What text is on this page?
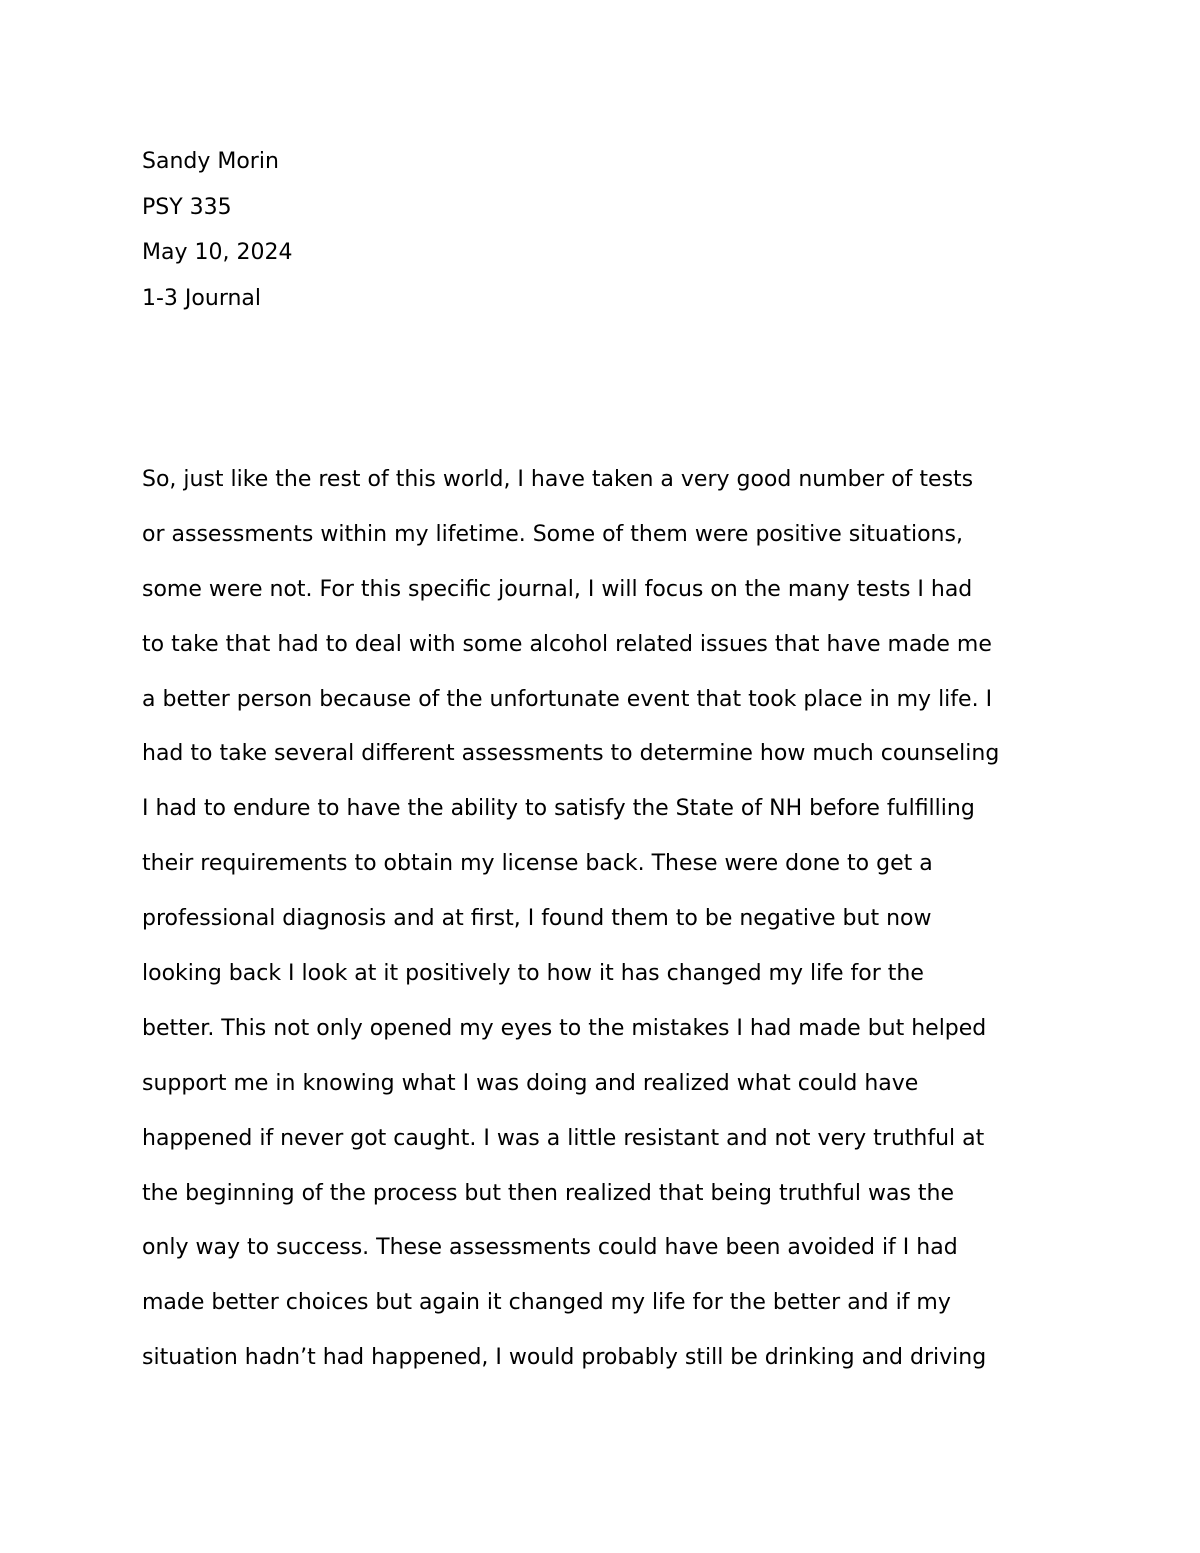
Sandy Morin
PSY 335
May 10, 2024
1-3 Journal
So, just like the rest of this world, I have taken a very good number of tests
or assessments within my lifetime. Some of them were positive situations,
some were not. For this specific journal, I will focus on the many tests I had
to take that had to deal with some alcohol related issues that have made me
a better person because of the unfortunate event that took place in my life. I
had to take several different assessments to determine how much counseling
I had to endure to have the ability to satisfy the State of NH before fulfilling
their requirements to obtain my license back. These were done to get a
professional diagnosis and at first, I found them to be negative but now
looking back I look at it positively to how it has changed my life for the
better. This not only opened my eyes to the mistakes I had made but helped
support me in knowing what I was doing and realized what could have
happened if never got caught. I was a little resistant and not very truthful at
the beginning of the process but then realized that being truthful was the
only way to success. These assessments could have been avoided if I had
made better choices but again it changed my life for the better and if my
situation hadn’t had happened, I would probably still be drinking and driving
